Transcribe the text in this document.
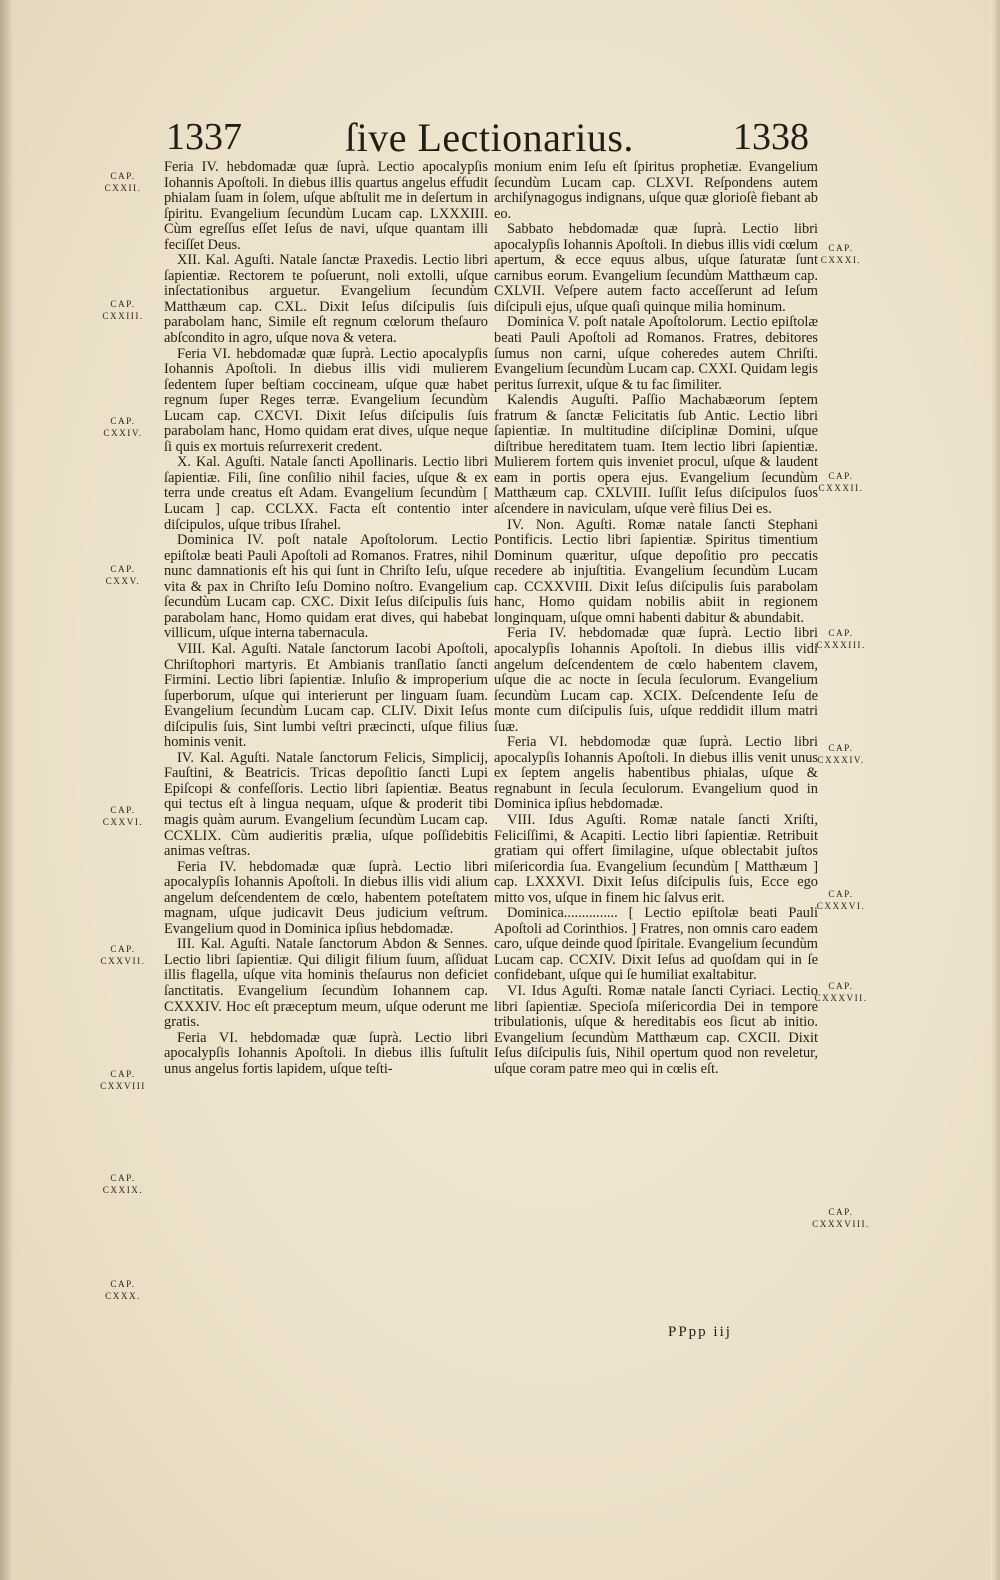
1337	ſive Lectionarius.	1338

Feria IV. hebdomadæ quæ ſuprà. Lectio apocalypſis Iohannis Apoſtoli. In diebus illis quartus angelus effudit phialam ſuam in ſolem, uſque abſtulit me in deſertum in ſpiritu. Evangelium ſecundùm Lucam cap. LXXXIII. Cùm egreſſus eſſet Ieſus de navi, uſque quantam illi feciſſet Deus.

XII. Kal. Aguſti. Natale ſanctæ Praxedis. Lectio libri ſapientiæ. Rectorem te poſuerunt, noli extolli, uſque inſectationibus arguetur. Evangelium ſecundùm Matthæum cap. CXL. Dixit Ieſus diſcipulis ſuis parabolam hanc, Simile eſt regnum cœlorum theſauro abſcondito in agro, uſque nova & vetera.

Feria VI. hebdomadæ quæ ſuprà. Lectio apocalypſis Iohannis Apoſtoli. In diebus illis vidi mulierem ſedentem ſuper beſtiam coccineam, uſque quæ habet regnum ſuper Reges terræ. Evangelium ſecundùm Lucam cap. CXCVI. Dixit Ieſus diſcipulis ſuis parabolam hanc, Homo quidam erat dives, uſque neque ſi quis ex mortuis reſurrexerit credent.

X. Kal. Aguſti. Natale ſancti Apollinaris. Lectio libri ſapientiæ. Fili, ſine conſilio nihil facies, uſque & ex terra unde creatus eſt Adam. Evangelium ſecundùm [ Lucam ] cap. CCLXX. Facta eſt contentio inter diſcipulos, uſque tribus Iſrahel.

Dominica IV. poſt natale Apoſtolorum. Lectio epiſtolæ beati Pauli Apoſtoli ad Romanos. Fratres, nihil nunc damnationis eſt his qui ſunt in Chriſto Ieſu, uſque vita & pax in Chriſto Ieſu Domino noſtro. Evangelium ſecundùm Lucam cap. CXC. Dixit Ieſus diſcipulis ſuis parabolam hanc, Homo quidam erat dives, qui habebat villicum, uſque interna tabernacula.

VIII. Kal. Aguſti. Natale ſanctorum Iacobi Apoſtoli, Chriſtophori martyris. Et Ambianis tranſlatio ſancti Firmini. Lectio libri ſapientiæ. Inluſio & improperium ſuperborum, uſque qui interierunt per linguam ſuam. Evangelium ſecundùm Lucam cap. CLIV. Dixit Ieſus diſcipulis ſuis, Sint lumbi veſtri præcincti, uſque filius hominis venit.

IV. Kal. Aguſti. Natale ſanctorum Felicis, Simplicij, Fauſtini, & Beatricis. Tricas depoſitio ſancti Lupi Epiſcopi & confeſſoris. Lectio libri ſapientiæ. Beatus qui tectus eſt à lingua nequam, uſque & proderit tibi magis quàm aurum. Evangelium ſecundùm Lucam cap. CCXLIX. Cùm audieritis prælia, uſque poſſidebitis animas veſtras.

Feria IV. hebdomadæ quæ ſuprà. Lectio libri apocalypſis Iohannis Apoſtoli. In diebus illis vidi alium angelum deſcendentem de cœlo, habentem poteſtatem magnam, uſque judicavit Deus judicium veſtrum. Evangelium quod in Dominica ipſius hebdomadæ.

III. Kal. Aguſti. Natale ſanctorum Abdon & Sennes. Lectio libri ſapientiæ. Qui diligit filium ſuum, aſſiduat illis flagella, uſque vita hominis theſaurus non deficiet ſanctitatis. Evangelium ſecundùm Iohannem cap. CXXXIV. Hoc eſt præceptum meum, uſque oderunt me gratis.

Feria VI. hebdomadæ quæ ſuprà. Lectio libri apocalypſis Iohannis Apoſtoli. In diebus illis ſuſtulit unus angelus fortis lapidem, uſque teſti-

monium enim Ieſu eſt ſpiritus prophetiæ. Evangelium ſecundùm Lucam cap. CLXVI. Reſpondens autem archiſynagogus indignans, uſque quæ glorioſè fiebant ab eo.

Sabbato hebdomadæ quæ ſuprà. Lectio libri apocalypſis Iohannis Apoſtoli. In diebus illis vidi cœlum apertum, & ecce equus albus, uſque ſaturatæ ſunt carnibus eorum. Evangelium ſecundùm Matthæum cap. CXLVII. Veſpere autem facto acceſſerunt ad Ieſum diſcipuli ejus, uſque quaſi quinque milia hominum.

Dominica V. poſt natale Apoſtolorum. Lectio epiſtolæ beati Pauli Apoſtoli ad Romanos. Fratres, debitores ſumus non carni, uſque coheredes autem Chriſti. Evangelium ſecundùm Lucam cap. CXXI. Quidam legis peritus ſurrexit, uſque & tu fac ſimiliter.

Kalendis Auguſti. Paſſio Machabæorum ſeptem fratrum & ſanctæ Felicitatis ſub Antic. Lectio libri ſapientiæ. In multitudine diſciplinæ Domini, uſque diſtribue hereditatem tuam. Item lectio libri ſapientiæ. Mulierem fortem quis inveniet procul, uſque & laudent eam in portis opera ejus. Evangelium ſecundùm Matthæum cap. CXLVIII. Iuſſit Ieſus diſcipulos ſuos aſcendere in naviculam, uſque verè filius Dei es.

IV. Non. Aguſti. Romæ natale ſancti Stephani Pontificis. Lectio libri ſapientiæ. Spiritus timentium Dominum quæritur, uſque depoſitio pro peccatis recedere ab injuſtitia. Evangelium ſecundùm Lucam cap. CCXXVIII. Dixit Ieſus diſcipulis ſuis parabolam hanc, Homo quidam nobilis abiit in regionem longinquam, uſque omni habenti dabitur & abundabit.

Feria IV. hebdomadæ quæ ſuprà. Lectio libri apocalypſis Iohannis Apoſtoli. In diebus illis vidi angelum deſcendentem de cœlo habentem clavem, uſque die ac nocte in ſecula ſeculorum. Evangelium ſecundùm Lucam cap. XCIX. Deſcendente Ieſu de monte cum diſcipulis ſuis, uſque reddidit illum matri ſuæ.

Feria VI. hebdomodæ quæ ſuprà. Lectio libri apocalypſis Iohannis Apoſtoli. In diebus illis venit unus ex ſeptem angelis habentibus phialas, uſque & regnabunt in ſecula ſeculorum. Evangelium quod in Dominica ipſius hebdomadæ.

VIII. Idus Aguſti. Romæ natale ſancti Xriſti, Feliciſſimi, & Acapiti. Lectio libri ſapientiæ. Retribuit gratiam qui offert ſimilagine, uſque oblectabit juſtos miſericordia ſua. Evangelium ſecundùm [ Matthæum ] cap. LXXXVI. Dixit Ieſus diſcipulis ſuis, Ecce ego mitto vos, uſque in finem hic ſalvus erit.

Dominica............... [ Lectio epiſtolæ beati Pauli Apoſtoli ad Corinthios. ] Fratres, non omnis caro eadem caro, uſque deinde quod ſpiritale. Evangelium ſecundùm Lucam cap. CCXIV. Dixit Ieſus ad quoſdam qui in ſe confidebant, uſque qui ſe humiliat exaltabitur.

VI. Idus Aguſti. Romæ natale ſancti Cyriaci. Lectio libri ſapientiæ. Specioſa miſericordia Dei in tempore tribulationis, uſque & hereditabis eos ſicut ab initio. Evangelium ſecundùm Matthæum cap. CXCII. Dixit Ieſus diſcipulis ſuis, Nihil opertum quod non reveletur, uſque coram patre meo qui in cœlis eſt.

CAP.
CXXII.
CAP.
CXXIII.
CAP.
CXXIV.
CAP.
CXXV.
CAP.
CXXVI.
CAP.
CXXVII.
CAP.
CXXVIII
CAP.
CXXIX.
CAP.
CXXX.
CAP.
CXXXI.
CAP.
CXXXII.
CAP.
CXXXIII.
CAP.
CXXXIV.
CAP.
CXXXVI.
CAP.
CXXXVII.
CAP.
CXXXVIII.
PPpp iij
